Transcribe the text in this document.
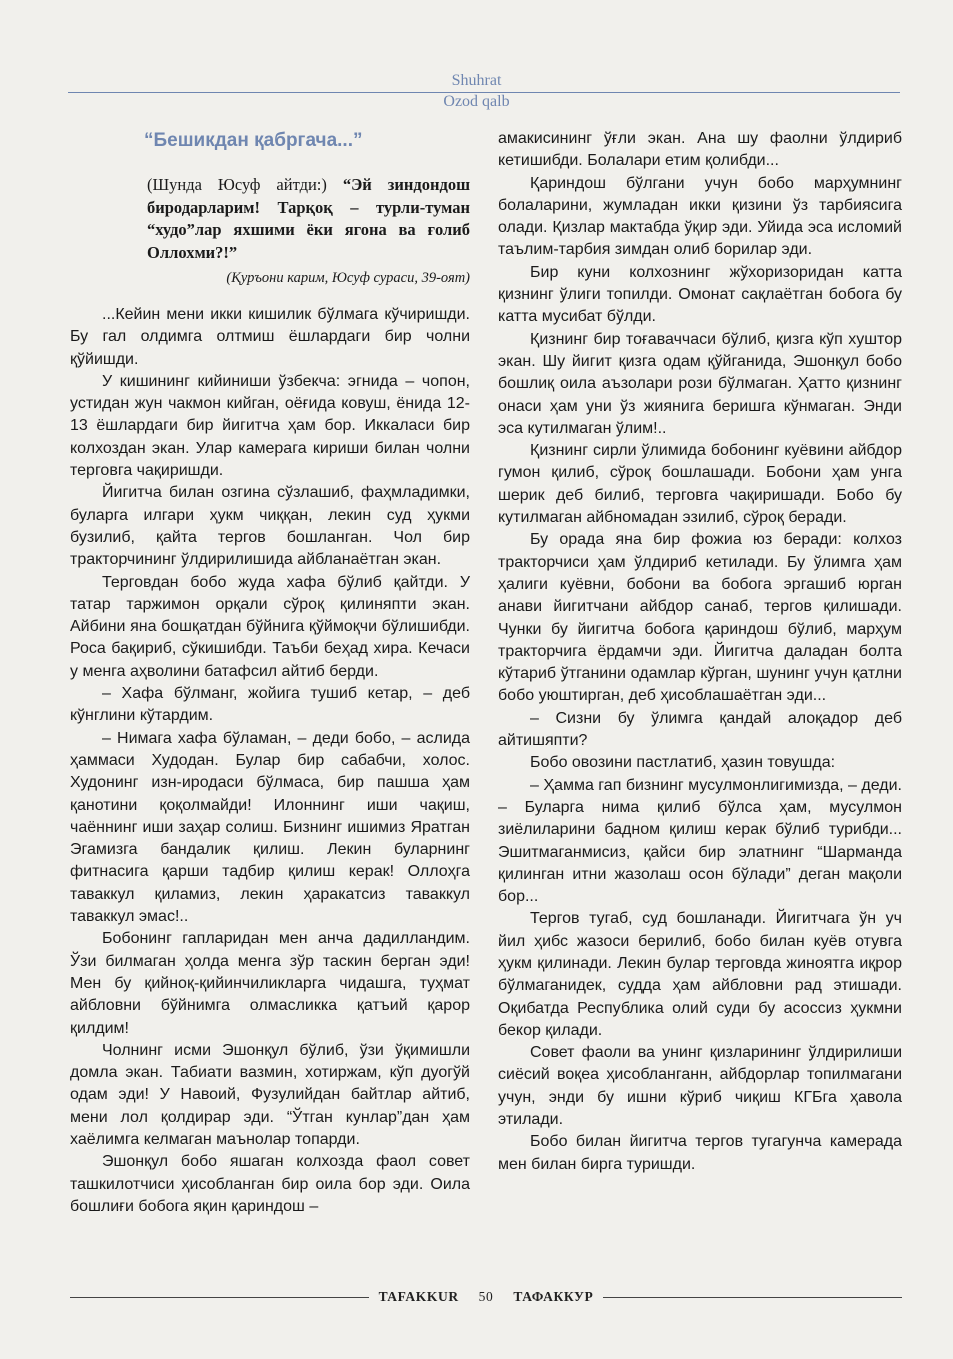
Shuhrat
Ozod qalb
“Бешикдан қабргача...”
(Шунда Юсуф айтди:) “Эй зиндондош биродарларим! Тарқоқ – турли-туман “худо”лар яхшими ёки ягона ва ғолиб Оллохми?!”
(Қуръони карим, Юсуф сураси, 39-оят)

...Кейин мени икки кишилик бўлмага кўчиришди. Бу гал олдимга олтмиш ёшлардаги бир чолни қўйишди.

У кишининг кийиниши ўзбекча: эгнида – чопон, устидан жун чакмон кийган, оёғида ковуш, ёнида 12-13 ёшлардаги бир йигитча ҳам бор. Иккаласи бир колхоздан экан. Улар камерага кириши билан чолни терговга чақиришди.

Йигитча билан озгина сўзлашиб, фаҳмладимки, буларга илгари ҳукм чиққан, лекин суд ҳукми бузилиб, қайта тергов бошланган. Чол бир тракторчининг ўлдирилишида айбланаётган экан.

Терговдан бобо жуда хафа бўлиб қайтди. У татар таржимон орқали сўроқ қилиняпти экан. Айбини яна бошқатдан бўйнига қўймоқчи бўлишибди. Роса бақириб, сўкишибди. Таъби беҳад хира. Кечаси у менга аҳволини батафсил айтиб берди.

– Хафа бўлманг, жойига тушиб кетар, – деб кўнглини кўтардим.

– Нимага хафа бўламан, – деди бобо, – аслида ҳаммаси Худодан. Булар бир сабабчи, холос. Худонинг изн-иродаси бўлмаса, бир пашша ҳам қанотини қоқолмайди! Илоннинг иши чақиш, чаённинг иши заҳар солиш. Бизнинг ишимиз Яратган Эгамизга бандалик қилиш. Лекин буларнинг фитнасига қарши тадбир қилиш керак! Оллоҳга таваккул қиламиз, лекин ҳаракатсиз таваккул таваккул эмас!..

Бобонинг гапларидан мен анча дадилландим. Ўзи билмаган ҳолда менга зўр таскин берган эди! Мен бу қийноқ-қийинчиликларга чидашга, туҳмат айбловни бўйнимга олмасликка қатъий қарор қилдим!

Чолнинг исми Эшонқул бўлиб, ўзи ўқимишли домла экан. Табиати вазмин, хотиржам, кўп дуогўй одам эди! У Навоий, Фузулийдан байтлар айтиб, мени лол қолдирар эди. “Ўтган кунлар”дан ҳам хаёлимга келмаган маънолар топарди.

Эшонқул бобо яшаган колхозда фаол совет ташкилотчиси ҳисобланган бир оила бор эди. Оила бошлиғи бобога яқин қариндош –

амакисининг ўғли экан. Ана шу фаолни ўлдириб кетишибди. Болалари етим қолибди...

Қариндош бўлгани учун бобо марҳумнинг болаларини, жумладан икки қизини ўз тарбиясига олади. Қизлар мактабда ўқир эди. Уйида эса исломий таълим-тарбия зимдан олиб борилар эди.

Бир куни колхознинг жўхоризоридан катта қизнинг ўлиги топилди. Омонат сақлаётган бобога бу катта мусибат бўлди.

Қизнинг бир тоғаваччаси бўлиб, қизга кўп хуштор экан. Шу йигит қизга одам қўйганида, Эшонқул бобо бошлиқ оила аъзолари рози бўлмаган. Ҳатто қизнинг онаси ҳам уни ўз жиянига беришга кўнмаган. Энди эса кутилмаган ўлим!..

Қизнинг сирли ўлимида бобонинг куёвини айбдор гумон қилиб, сўроқ бошлашади. Бобони ҳам унга шерик деб билиб, терговга чақиришади. Бобо бу кутилмаган айбномадан эзилиб, сўроқ беради.

Бу орада яна бир фожиа юз беради: колхоз тракторчиси ҳам ўлдириб кетилади. Бу ўлимга ҳам ҳалиги куёвни, бобони ва бобога эргашиб юрган анави йигитчани айбдор санаб, тергов қилишади. Чунки бу йигитча бобога қариндош бўлиб, марҳум тракторчига ёрдамчи эди. Йигитча даладан болта кўтариб ўтганини одамлар кўрган, шунинг учун қатлни бобо уюштирган, деб ҳисоблашаётган эди...

– Сизни бу ўлимга қандай алоқадор деб айтишяпти?

Бобо овозини пастлатиб, ҳазин товушда:

– Ҳамма гап бизнинг мусулмонлигимизда, – деди. – Буларга нима қилиб бўлса ҳам, мусулмон зиёлиларини бадном қилиш керак бўлиб турибди... Эшитмаганмисиз, қайси бир элатнинг “Шарманда қилинган итни жазолаш осон бўлади” деган мақоли бор...

Тергов тугаб, суд бошланади. Йигитчага ўн уч йил ҳибс жазоси берилиб, бобо билан куёв отувга ҳукм қилинади. Лекин булар терговда жиноятга иқрор бўлмаганидек, судда ҳам айбловни рад этишади. Оқибатда Республика олий суди бу асоссиз ҳукмни бекор қилади.

Совет фаоли ва унинг қизларининг ўлдирилиши сиёсий воқеа ҳисобланганн, айбдорлар топилмагани учун, энди бу ишни кўриб чиқиш КГБга ҳавола этилади.

Бобо билан йигитча тергов тугагунча камерада мен билан бирга туришди.

TAFAKKUR	50	ТАФАККУР
